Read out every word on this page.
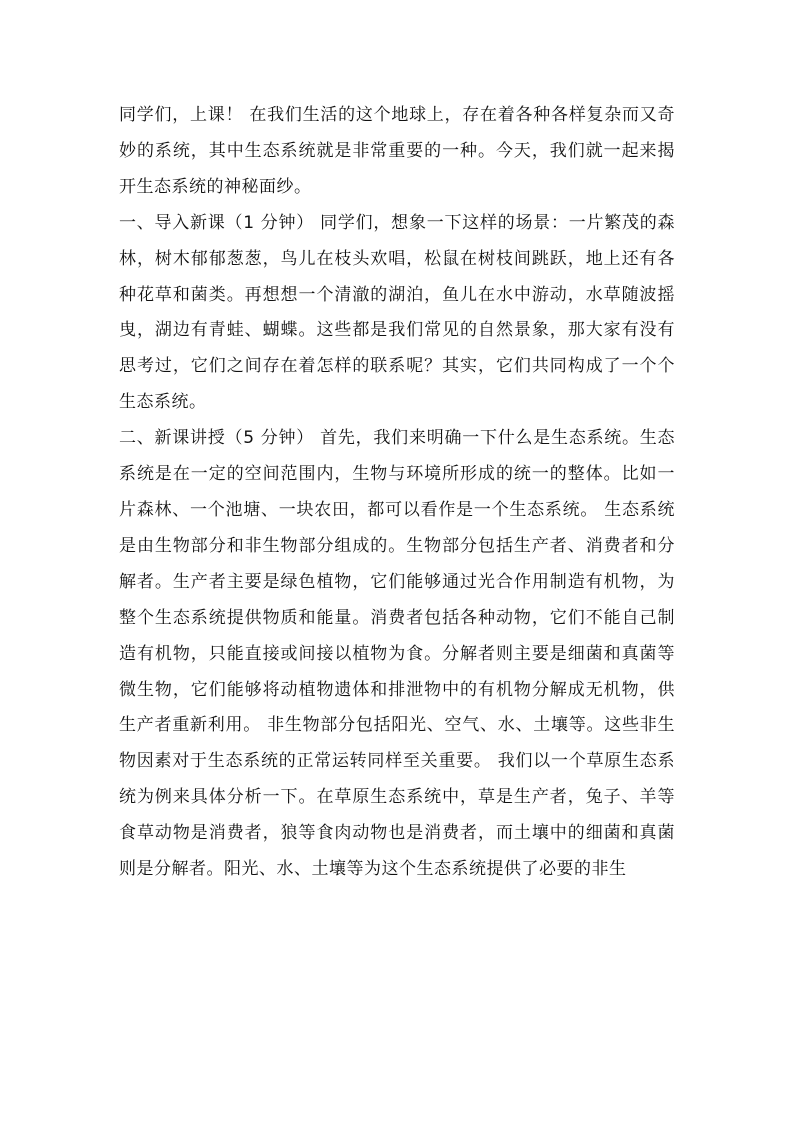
同学们，上课！ 在我们生活的这个地球上，存在着各种各样复杂而又奇妙的系统，其中生态系统就是非常重要的一种。今天，我们就一起来揭开生态系统的神秘面纱。

一、导入新课（1 分钟） 同学们，想象一下这样的场景：一片繁茂的森林，树木郁郁葱葱，鸟儿在枝头欢唱，松鼠在树枝间跳跃，地上还有各种花草和菌类。再想想一个清澈的湖泊，鱼儿在水中游动，水草随波摇曳，湖边有青蛙、蝴蝶。这些都是我们常见的自然景象，那大家有没有思考过，它们之间存在着怎样的联系呢？其实，它们共同构成了一个个生态系统。

二、新课讲授（5 分钟） 首先，我们来明确一下什么是生态系统。生态系统是在一定的空间范围内，生物与环境所形成的统一的整体。比如一片森林、一个池塘、一块农田，都可以看作是一个生态系统。 生态系统是由生物部分和非生物部分组成的。生物部分包括生产者、消费者和分解者。生产者主要是绿色植物，它们能够通过光合作用制造有机物，为整个生态系统提供物质和能量。消费者包括各种动物，它们不能自己制造有机物，只能直接或间接以植物为食。分解者则主要是细菌和真菌等微生物，它们能够将动植物遗体和排泄物中的有机物分解成无机物，供生产者重新利用。 非生物部分包括阳光、空气、水、土壤等。这些非生物因素对于生态系统的正常运转同样至关重要。 我们以一个草原生态系统为例来具体分析一下。在草原生态系统中，草是生产者，兔子、羊等食草动物是消费者，狼等食肉动物也是消费者，而土壤中的细菌和真菌则是分解者。阳光、水、土壤等为这个生态系统提供了必要的非生
